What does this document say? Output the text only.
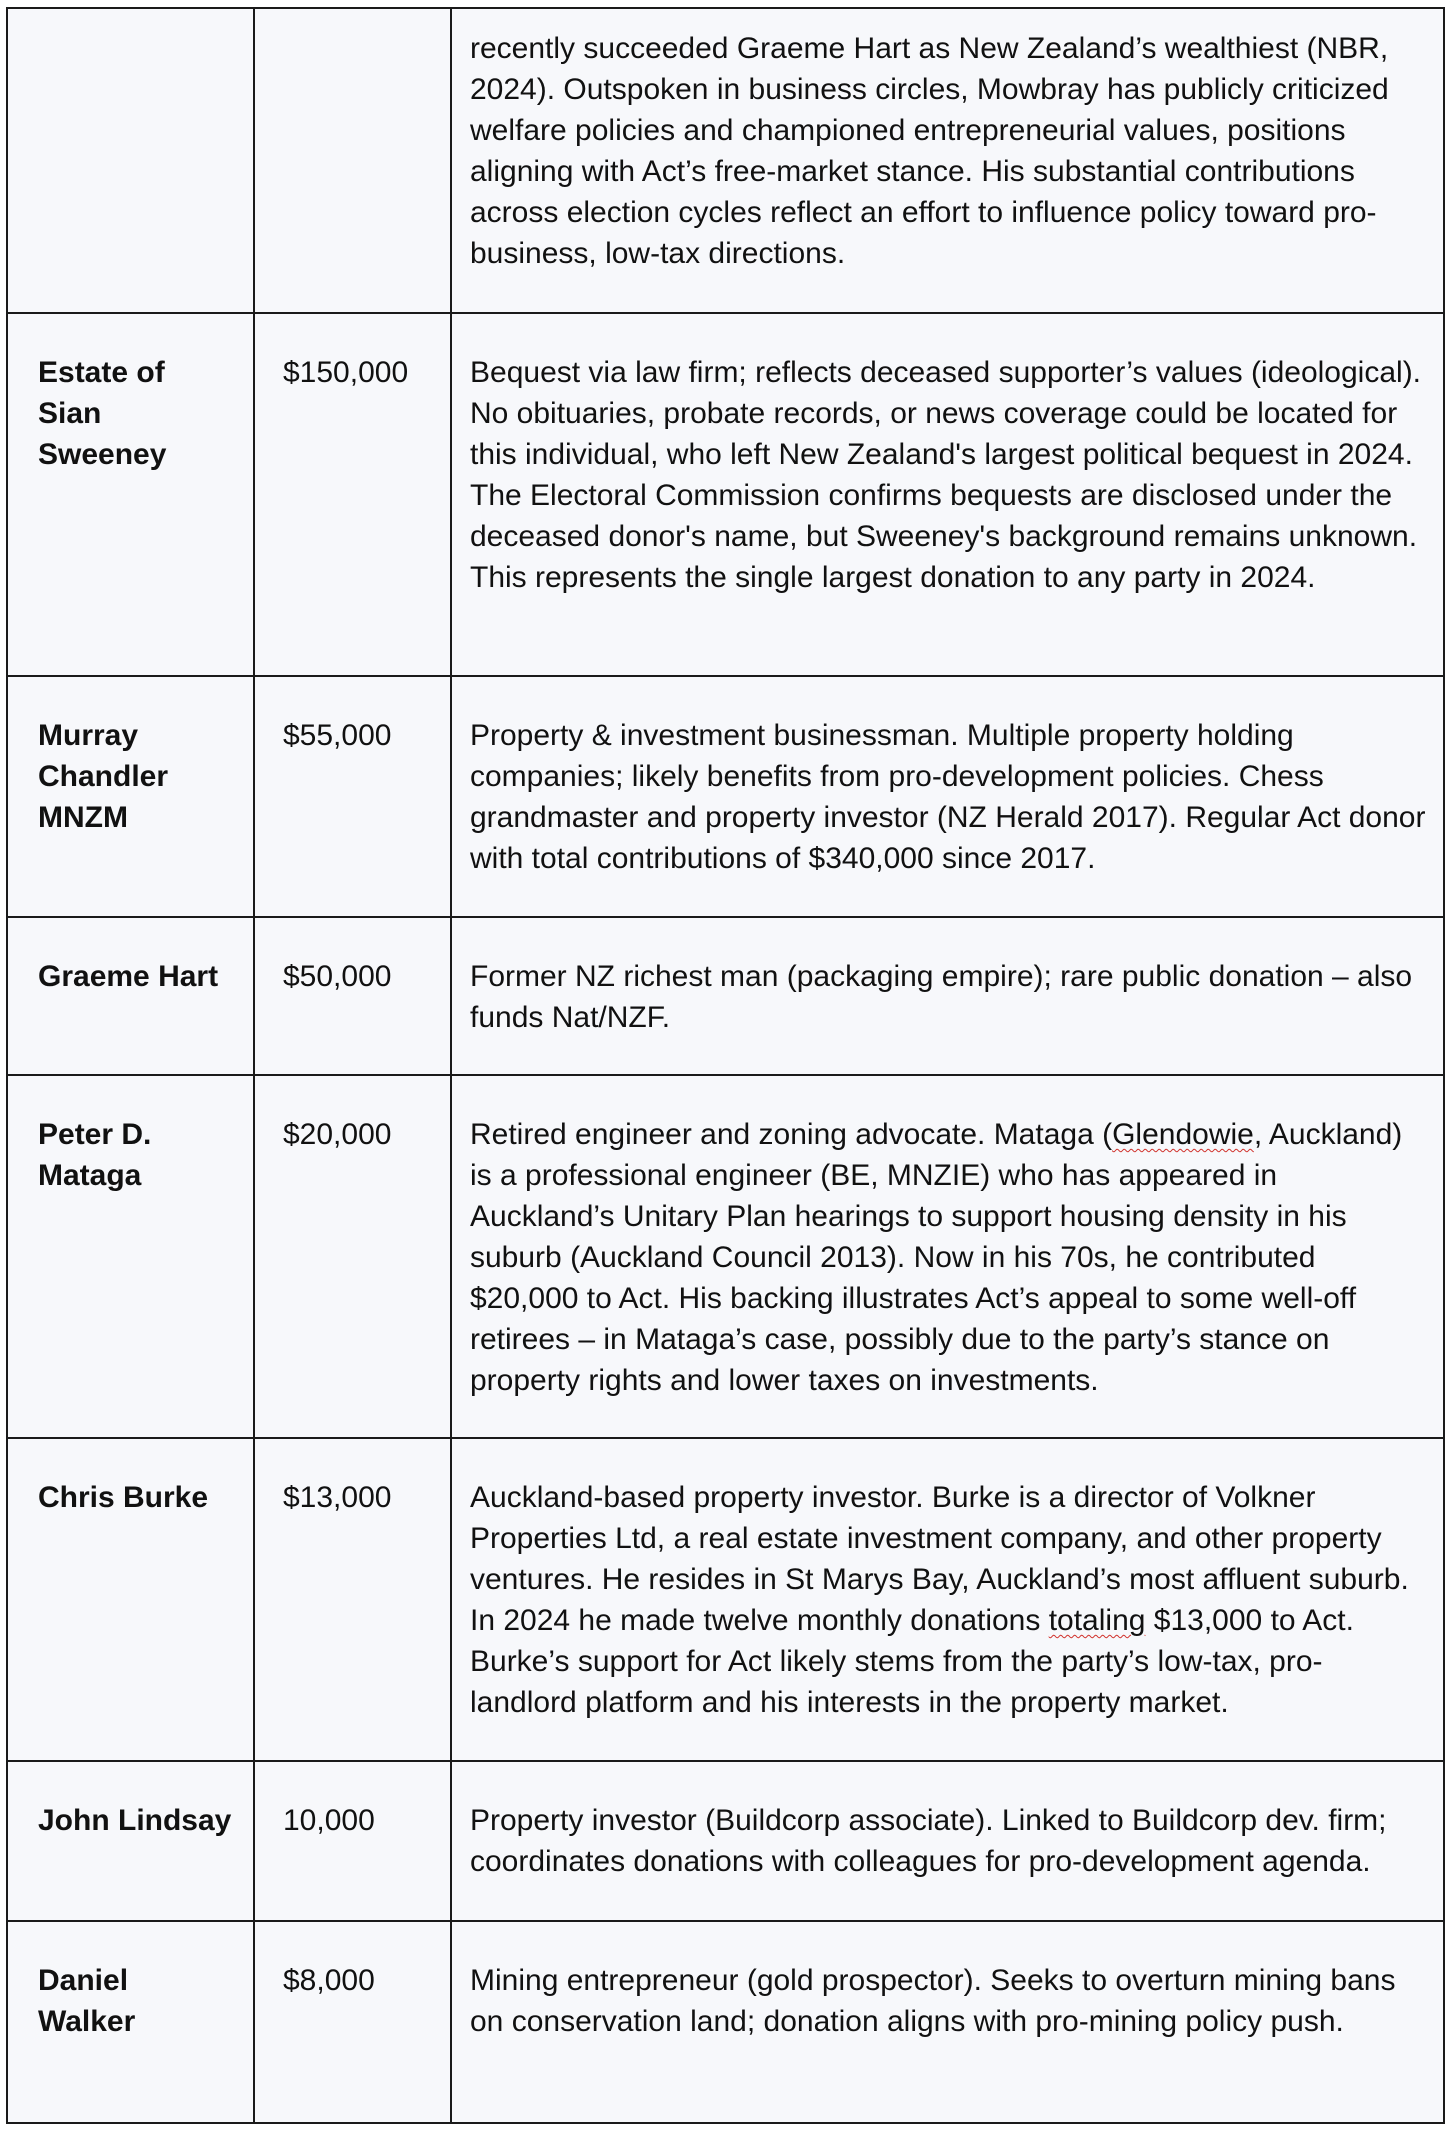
		recently succeeded Graeme Hart as New Zealand’s wealthiest (NBR, 2024). Outspoken in business circles, Mowbray has publicly criticized welfare policies and championed entrepreneurial values, positions aligning with Act’s free-market stance. His substantial contributions across election cycles reflect an effort to influence policy toward pro-business, low-tax directions.
Estate of Sian Sweeney	$150,000	Bequest via law firm; reflects deceased supporter’s values (ideological). No obituaries, probate records, or news coverage could be located for this individual, who left New Zealand's largest political bequest in 2024. The Electoral Commission confirms bequests are disclosed under the deceased donor's name, but Sweeney's background remains unknown. This represents the single largest donation to any party in 2024.
Murray Chandler MNZM	$55,000	Property & investment businessman. Multiple property holding companies; likely benefits from pro-development policies. Chess grandmaster and property investor (NZ Herald 2017). Regular Act donor with total contributions of $340,000 since 2017.
Graeme Hart	$50,000	Former NZ richest man (packaging empire); rare public donation – also funds Nat/NZF.
Peter D. Mataga	$20,000	Retired engineer and zoning advocate. Mataga (Glendowie, Auckland) is a professional engineer (BE, MNZIE) who has appeared in Auckland’s Unitary Plan hearings to support housing density in his suburb (Auckland Council 2013). Now in his 70s, he contributed $20,000 to Act. His backing illustrates Act’s appeal to some well-off retirees – in Mataga’s case, possibly due to the party’s stance on property rights and lower taxes on investments.
Chris Burke	$13,000	Auckland-based property investor. Burke is a director of Volkner Properties Ltd, a real estate investment company, and other property ventures. He resides in St Marys Bay, Auckland’s most affluent suburb. In 2024 he made twelve monthly donations totaling $13,000 to Act. Burke’s support for Act likely stems from the party’s low-tax, pro-landlord platform and his interests in the property market.
John Lindsay	10,000	Property investor (Buildcorp associate). Linked to Buildcorp dev. firm; coordinates donations with colleagues for pro-development agenda.
Daniel Walker	$8,000	Mining entrepreneur (gold prospector). Seeks to overturn mining bans on conservation land; donation aligns with pro-mining policy push.
